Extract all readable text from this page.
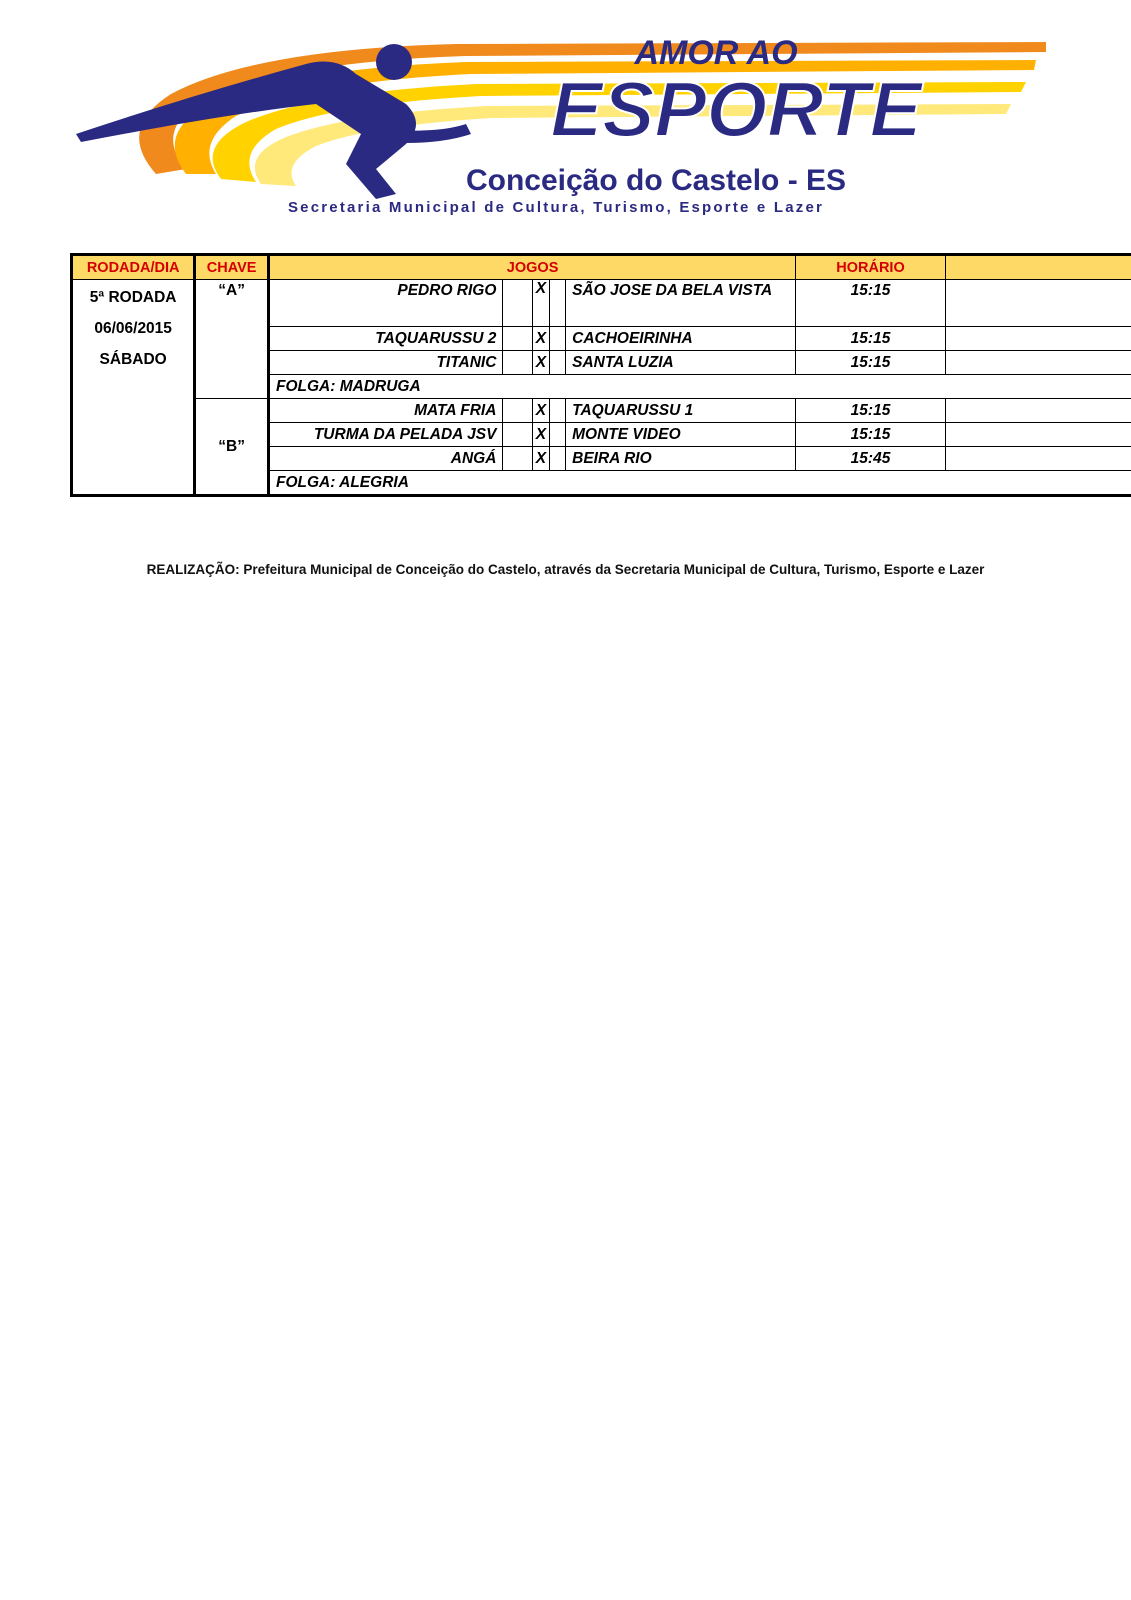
AMOR AO
ESPORTE
Conceição do Castelo - ES
Secretaria Municipal de Cultura, Turismo, Esporte e Lazer
RODADA/DIA	CHAVE	JOGOS					HORÁRIO	

5ª RODADA
06/06/2015
SÁBADO	“A”	PEDRO RIGO		X		SÃO JOSE DA BELA VISTA	15:15	
		TAQUARUSSU 2		X		CACHOEIRINHA	15:15	
		TITANIC		X		SANTA LUZIA	15:15	
		FOLGA: MADRUGA						
	“B”	MATA FRIA		X		TAQUARUSSU 1	15:15	
		TURMA DA PELADA JSV		X		MONTE VIDEO	15:15	
		ANGÁ		X		BEIRA RIO	15:45	
		FOLGA: ALEGRIA						
REALIZAÇÃO: Prefeitura Municipal de Conceição do Castelo, através da Secretaria Municipal de Cultura, Turismo, Esporte e Lazer
